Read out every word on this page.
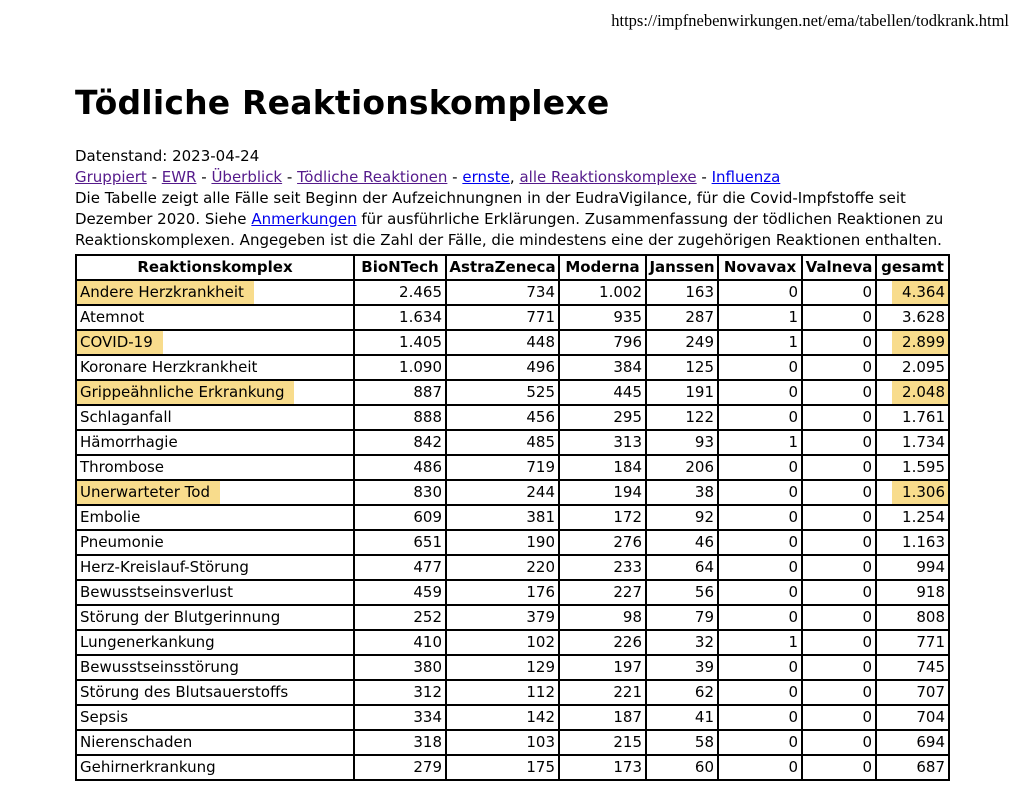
https://impfnebenwirkungen.net/ema/tabellen/todkrank.html
Tödliche Reaktionskomplexe
Datenstand: 2023-04-24
Gruppiert - EWR - Überblick - Tödliche Reaktionen - ernste, alle Reaktionskomplexe - Influenza
Die Tabelle zeigt alle Fälle seit Beginn der Aufzeichnungnen in der EudraVigilance, für die Covid-Impfstoffe seit Dezember 2020. Siehe Anmerkungen für ausführliche Erklärungen. Zusammenfassung der tödlichen Reaktionen zu Reaktionskomplexen. Angegeben ist die Zahl der Fälle, die mindestens eine der zugehörigen Reaktionen enthalten.
Reaktionskomplex	BioNTech	AstraZeneca	Moderna	Janssen	Novavax	Valneva	gesamt
Andere Herzkrankheit	2.465	734	1.002	163	0	0	4.364
Atemnot	1.634	771	935	287	1	0	3.628
COVID-19	1.405	448	796	249	1	0	2.899
Koronare Herzkrankheit	1.090	496	384	125	0	0	2.095
Grippeähnliche Erkrankung	887	525	445	191	0	0	2.048
Schlaganfall	888	456	295	122	0	0	1.761
Hämorrhagie	842	485	313	93	1	0	1.734
Thrombose	486	719	184	206	0	0	1.595
Unerwarteter Tod	830	244	194	38	0	0	1.306
Embolie	609	381	172	92	0	0	1.254
Pneumonie	651	190	276	46	0	0	1.163
Herz-Kreislauf-Störung	477	220	233	64	0	0	994
Bewusstseinsverlust	459	176	227	56	0	0	918
Störung der Blutgerinnung	252	379	98	79	0	0	808
Lungenerkankung	410	102	226	32	1	0	771
Bewusstseinsstörung	380	129	197	39	0	0	745
Störung des Blutsauerstoffs	312	112	221	62	0	0	707
Sepsis	334	142	187	41	0	0	704
Nierenschaden	318	103	215	58	0	0	694
Gehirnerkrankung	279	175	173	60	0	0	687
